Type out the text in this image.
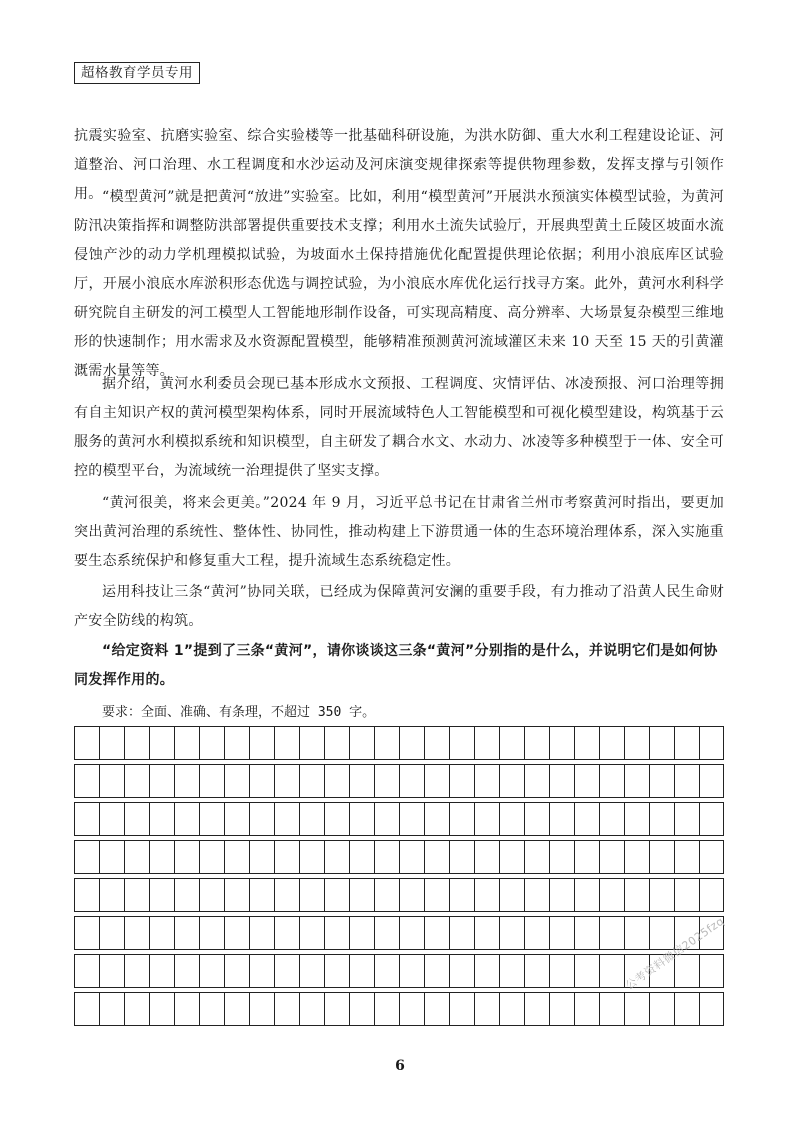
超格教育学员专用

抗震实验室、抗磨实验室、综合实验楼等一批基础科研设施，为洪水防御、重大水利工程建设论证、河道整治、河口治理、水工程调度和水沙运动及河床演变规律探索等提供物理参数，发挥支撑与引领作用。 “模型黄河”就是把黄河“放进”实验室。比如，利用“模型黄河”开展洪水预演实体模型试验，为黄河防汛决策指挥和调整防洪部署提供重要技术支撑；利用水土流失试验厅，开展典型黄土丘陵区坡面水流侵蚀产沙的动力学机理模拟试验，为坡面水土保持措施优化配置提供理论依据；利用小浪底库区试验厅，开展小浪底水库淤积形态优选与调控试验，为小浪底水库优化运行找寻方案。此外，黄河水利科学研究院自主研发的河工模型人工智能地形制作设备，可实现高精度、高分辨率、大场景复杂模型三维地形的快速制作；用水需求及水资源配置模型，能够精准预测黄河流域灌区未来 10 天至 15 天的引黄灌溉需水量等等。

据介绍，黄河水利委员会现已基本形成水文预报、工程调度、灾情评估、冰凌预报、河口治理等拥有自主知识产权的黄河模型架构体系，同时开展流域特色人工智能模型和可视化模型建设，构筑基于云服务的黄河水利模拟系统和知识模型，自主研发了耦合水文、水动力、冰凌等多种模型于一体、安全可控的模型平台，为流域统一治理提供了坚实支撑。

“黄河很美，将来会更美。”2024 年 9 月，习近平总书记在甘肃省兰州市考察黄河时指出，要更加突出黄河治理的系统性、整体性、协同性，推动构建上下游贯通一体的生态环境治理体系，深入实施重要生态系统保护和修复重大工程，提升流域生态系统稳定性。

运用科技让三条“黄河”协同关联，已经成为保障黄河安澜的重要手段，有力推动了沿黄人民生命财产安全防线的构筑。

“给定资料 1”提到了三条“黄河”，请你谈谈这三条“黄河”分别指的是什么，并说明它们是如何协同发挥作用的。

要求：全面、准确、有条理，不超过 350 字。

6
公考资料微信2025fzq
